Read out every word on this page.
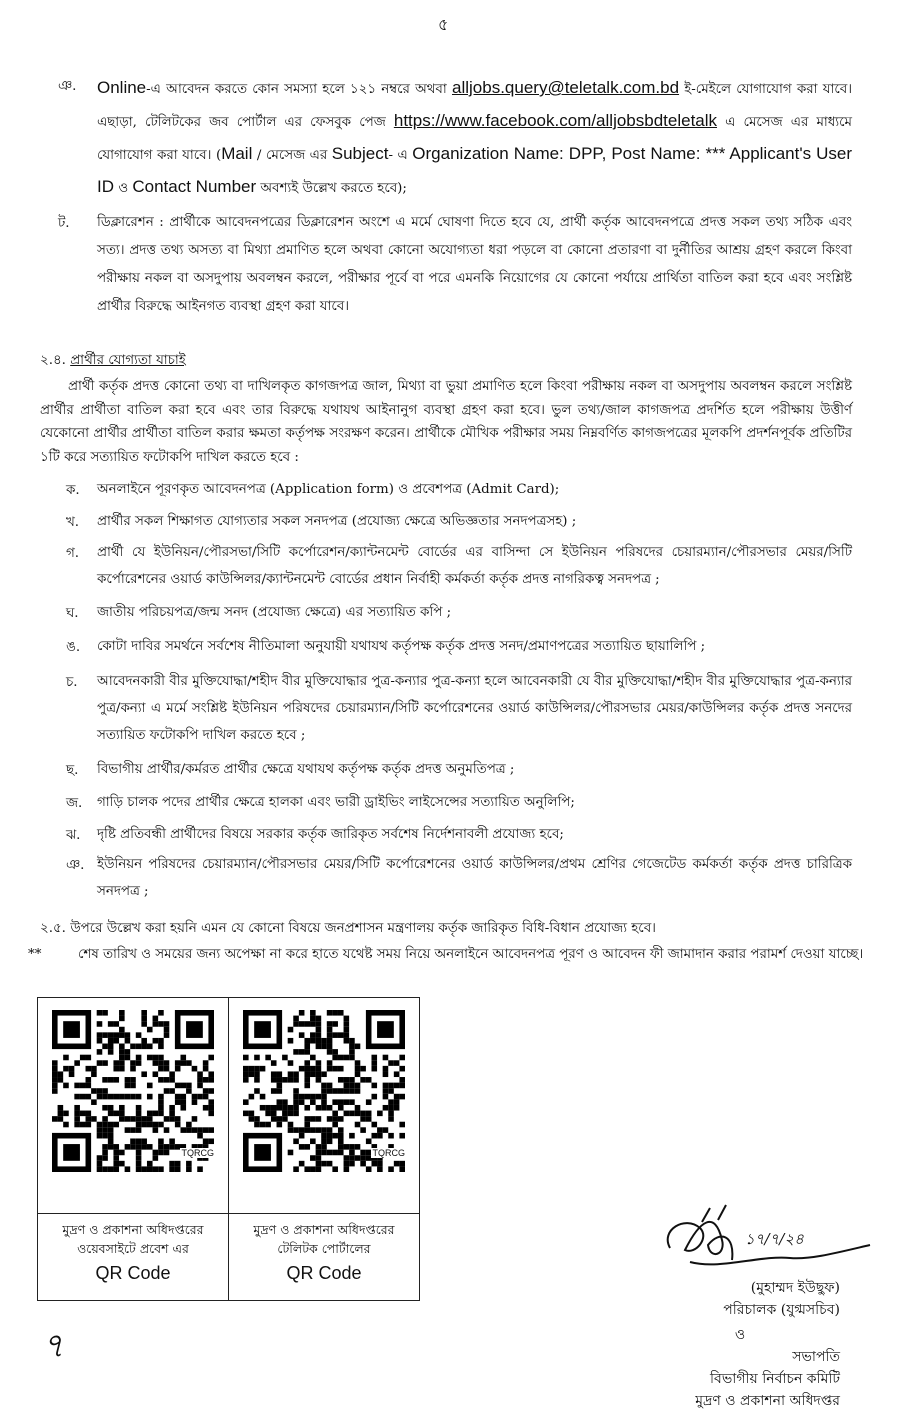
৫
ঞ. Online-এ আবেদন করতে কোন সমস্যা হলে ১২১ নম্বরে অথবা alljobs.query@teletalk.com.bd ই-মেইলে যোগাযোগ করা যাবে। এছাড়া, টেলিটকের জব পোর্টাল এর ফেসবুক পেজ https://www.facebook.com/alljobsbdteletalk এ মেসেজ এর মাধ্যমে যোগাযোগ করা যাবে। (Mail / মেসেজ এর Subject- এ Organization Name: DPP, Post Name: *** Applicant's User ID ও Contact Number অবশ্যই উল্লেখ করতে হবে);
ট. ডিক্লারেশন : প্রার্থীকে আবেদনপত্রের ডিক্লারেশন অংশে এ মর্মে ঘোষণা দিতে হবে যে, প্রার্থী কর্তৃক আবেদনপত্রে প্রদত্ত সকল তথ্য সঠিক এবং সত্য। প্রদত্ত তথ্য অসত্য বা মিথ্যা প্রমাণিত হলে অথবা কোনো অযোগ্যতা ধরা পড়লে বা কোনো প্রতারণা বা দুর্নীতির আশ্রয় গ্রহণ করলে কিংবা পরীক্ষায় নকল বা অসদুপায় অবলম্বন করলে, পরীক্ষার পূর্বে বা পরে এমনকি নিয়োগের যে কোনো পর্যায়ে প্রার্থিতা বাতিল করা হবে এবং সংশ্লিষ্ট প্রার্থীর বিরুদ্ধে আইনগত ব্যবস্থা গ্রহণ করা যাবে।
২.৪. প্রার্থীর যোগ্যতা যাচাই
প্রার্থী কর্তৃক প্রদত্ত কোনো তথ্য বা দাখিলকৃত কাগজপত্র জাল, মিথ্যা বা ভুয়া প্রমাণিত হলে কিংবা পরীক্ষায় নকল বা অসদুপায় অবলম্বন করলে সংশ্লিষ্ট প্রার্থীর প্রার্থীতা বাতিল করা হবে এবং তার বিরুদ্ধে যথাযথ আইনানুগ ব্যবস্থা গ্রহণ করা হবে। ভুল তথ্য/জাল কাগজপত্র প্রদর্শিত হলে পরীক্ষায় উত্তীর্ণ যেকোনো প্রার্থীর প্রার্থীতা বাতিল করার ক্ষমতা কর্তৃপক্ষ সংরক্ষণ করেন। প্রার্থীকে মৌখিক পরীক্ষার সময় নিম্নবর্ণিত কাগজপত্রের মূলকপি প্রদর্শনপূর্বক প্রতিটির ১টি করে সত্যায়িত ফটোকপি দাখিল করতে হবে :
ক. অনলাইনে পূরণকৃত আবেদনপত্র (Application form) ও প্রবেশপত্র (Admit Card);
খ. প্রার্থীর সকল শিক্ষাগত যোগ্যতার সকল সনদপত্র (প্রযোজ্য ক্ষেত্রে অভিজ্ঞতার সনদপত্রসহ) ;
গ. প্রার্থী যে ইউনিয়ন/পৌরসভা/সিটি কর্পোরেশন/ক্যান্টনমেন্ট বোর্ডের এর বাসিন্দা সে ইউনিয়ন পরিষদের চেয়ারম্যান/পৌরসভার মেয়র/সিটি কর্পোরেশনের ওয়ার্ড কাউন্সিলর/ক্যান্টনমেন্ট বোর্ডের প্রধান নির্বাহী কর্মকর্তা কর্তৃক প্রদত্ত নাগরিকত্ব সনদপত্র ;
ঘ. জাতীয় পরিচয়পত্র/জন্ম সনদ (প্রযোজ্য ক্ষেত্রে) এর সত্যায়িত কপি ;
ঙ. কোটা দাবির সমর্থনে সর্বশেষ নীতিমালা অনুযায়ী যথাযথ কর্তৃপক্ষ কর্তৃক প্রদত্ত সনদ/প্রমাণপত্রের সত্যায়িত ছায়ালিপি ;
চ. আবেদনকারী বীর মুক্তিযোদ্ধা/শহীদ বীর মুক্তিযোদ্ধার পুত্র-কন্যার পুত্র-কন্যা হলে আবেনকারী যে বীর মুক্তিযোদ্ধা/শহীদ বীর মুক্তিযোদ্ধার পুত্র-কন্যার পুত্র/কন্যা এ মর্মে সংশ্লিষ্ট ইউনিয়ন পরিষদের চেয়ারম্যান/সিটি কর্পোরেশনের ওয়ার্ড কাউন্সিলর/পৌরসভার মেয়র/কাউন্সিলর কর্তৃক প্রদত্ত সনদের সত্যায়িত ফটোকপি দাখিল করতে হবে ;
ছ. বিভাগীয় প্রার্থীর/কর্মরত প্রার্থীর ক্ষেত্রে যথাযথ কর্তৃপক্ষ কর্তৃক প্রদত্ত অনুমতিপত্র ;
জ. গাড়ি চালক পদের প্রার্থীর ক্ষেত্রে হালকা এবং ভারী ড্রাইভিং লাইসেন্সের সত্যায়িত অনুলিপি;
ঝ. দৃষ্টি প্রতিবন্ধী প্রার্থীদের বিষয়ে সরকার কর্তৃক জারিকৃত সর্বশেষ নির্দেশনাবলী প্রযোজ্য হবে;
ঞ. ইউনিয়ন পরিষদের চেয়ারম্যান/পৌরসভার মেয়র/সিটি কর্পোরেশনের ওয়ার্ড কাউন্সিলর/প্রথম শ্রেণির গেজেটেড কর্মকর্তা কর্তৃক প্রদত্ত চারিত্রিক সনদপত্র ;
২.৫. উপরে উল্লেখ করা হয়নি এমন যে কোনো বিষয়ে জনপ্রশাসন মন্ত্রণালয় কর্তৃক জারিকৃত বিধি-বিধান প্রযোজ্য হবে।
**	শেষ তারিখ ও সময়ের জন্য অপেক্ষা না করে হাতে যথেষ্ট সময় নিয়ে অনলাইনে আবেদনপত্র পূরণ ও আবেদন ফী জামাদান করার পরামর্শ দেওয়া যাচ্ছে।
TQRCG
মুদ্রণ ও প্রকাশনা অধিদপ্তরের
ওয়েবসাইটে প্রবেশ এর
QR Code
TQRCG
মুদ্রণ ও প্রকাশনা অধিদপ্তরের
টেলিটক পোর্টালের
QR Code
১৭/৭/২৪
(মুহাম্মদ ইউছুফ)
পরিচালক (যুগ্মসচিব)
ও
সভাপতি
বিভাগীয় নির্বাচন কমিটি
মুদ্রণ ও প্রকাশনা অধিদপ্তর
৭
